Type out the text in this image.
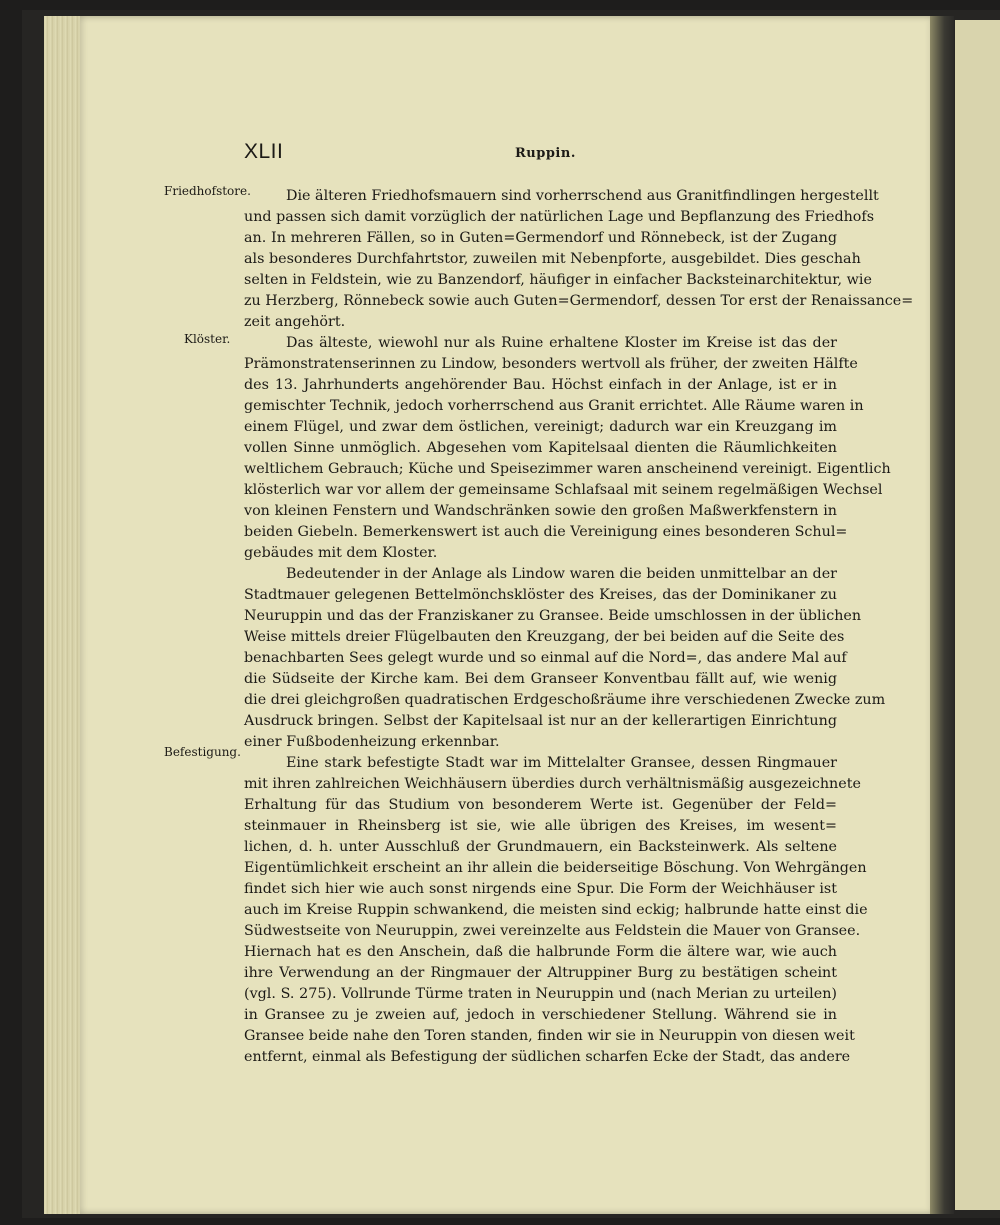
XLII	Ruppin.
Friedhofstore.
Klöster.
Befestigung.
Die älteren Friedhofsmauern sind vorherrschend aus Granitfindlingen hergestellt
und passen sich damit vorzüglich der natürlichen Lage und Bepflanzung des Friedhofs
an. In mehreren Fällen, so in Guten=Germendorf und Rönnebeck, ist der Zugang
als besonderes Durchfahrtstor, zuweilen mit Nebenpforte, ausgebildet. Dies geschah
selten in Feldstein, wie zu Banzendorf, häufiger in einfacher Backsteinarchitektur, wie
zu Herzberg, Rönnebeck sowie auch Guten=Germendorf, dessen Tor erst der Renaissance=
zeit angehört.
Das älteste, wiewohl nur als Ruine erhaltene Kloster im Kreise ist das der
Prämonstratenserinnen zu Lindow, besonders wertvoll als früher, der zweiten Hälfte
des 13. Jahrhunderts angehörender Bau. Höchst einfach in der Anlage, ist er in
gemischter Technik, jedoch vorherrschend aus Granit errichtet. Alle Räume waren in
einem Flügel, und zwar dem östlichen, vereinigt; dadurch war ein Kreuzgang im
vollen Sinne unmöglich. Abgesehen vom Kapitelsaal dienten die Räumlichkeiten
weltlichem Gebrauch; Küche und Speisezimmer waren anscheinend vereinigt. Eigentlich
klösterlich war vor allem der gemeinsame Schlafsaal mit seinem regelmäßigen Wechsel
von kleinen Fenstern und Wandschränken sowie den großen Maßwerkfenstern in
beiden Giebeln. Bemerkenswert ist auch die Vereinigung eines besonderen Schul=
gebäudes mit dem Kloster.
Bedeutender in der Anlage als Lindow waren die beiden unmittelbar an der
Stadtmauer gelegenen Bettelmönchsklöster des Kreises, das der Dominikaner zu
Neuruppin und das der Franziskaner zu Gransee. Beide umschlossen in der üblichen
Weise mittels dreier Flügelbauten den Kreuzgang, der bei beiden auf die Seite des
benachbarten Sees gelegt wurde und so einmal auf die Nord=, das andere Mal auf
die Südseite der Kirche kam. Bei dem Granseer Konventbau fällt auf, wie wenig
die drei gleichgroßen quadratischen Erdgeschoßräume ihre verschiedenen Zwecke zum
Ausdruck bringen. Selbst der Kapitelsaal ist nur an der kellerartigen Einrichtung
einer Fußbodenheizung erkennbar.
Eine stark befestigte Stadt war im Mittelalter Gransee, dessen Ringmauer
mit ihren zahlreichen Weichhäusern überdies durch verhältnismäßig ausgezeichnete
Erhaltung für das Studium von besonderem Werte ist. Gegenüber der Feld=
steinmauer in Rheinsberg ist sie, wie alle übrigen des Kreises, im wesent=
lichen, d. h. unter Ausschluß der Grundmauern, ein Backsteinwerk. Als seltene
Eigentümlichkeit erscheint an ihr allein die beiderseitige Böschung. Von Wehrgängen
findet sich hier wie auch sonst nirgends eine Spur. Die Form der Weichhäuser ist
auch im Kreise Ruppin schwankend, die meisten sind eckig; halbrunde hatte einst die
Südwestseite von Neuruppin, zwei vereinzelte aus Feldstein die Mauer von Gransee.
Hiernach hat es den Anschein, daß die halbrunde Form die ältere war, wie auch
ihre Verwendung an der Ringmauer der Altruppiner Burg zu bestätigen scheint
(vgl. S. 275). Vollrunde Türme traten in Neuruppin und (nach Merian zu urteilen)
in Gransee zu je zweien auf, jedoch in verschiedener Stellung. Während sie in
Gransee beide nahe den Toren standen, finden wir sie in Neuruppin von diesen weit
entfernt, einmal als Befestigung der südlichen scharfen Ecke der Stadt, das andere
